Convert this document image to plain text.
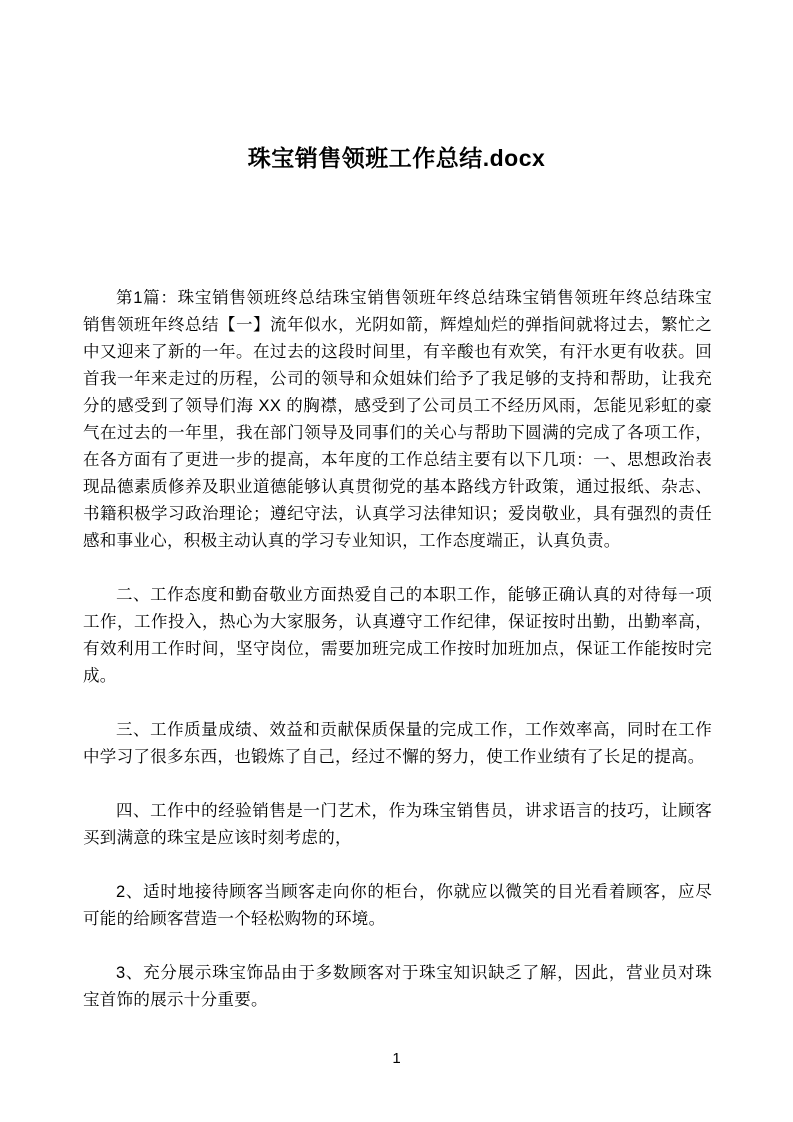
珠宝销售领班工作总结.docx

第1篇：珠宝销售领班终总结珠宝销售领班年终总结珠宝销售领班年终总结珠宝销售领班年终总结【一】流年似水，光阴如箭，辉煌灿烂的弹指间就将过去，繁忙之中又迎来了新的一年。在过去的这段时间里，有辛酸也有欢笑，有汗水更有收获。回首我一年来走过的历程，公司的领导和众姐妹们给予了我足够的支持和帮助，让我充分的感受到了领导们海 XX 的胸襟，感受到了公司员工不经历风雨，怎能见彩虹的豪气在过去的一年里，我在部门领导及同事们的关心与帮助下圆满的完成了各项工作，在各方面有了更进一步的提高，本年度的工作总结主要有以下几项：一、思想政治表现品德素质修养及职业道德能够认真贯彻党的基本路线方针政策，通过报纸、杂志、书籍积极学习政治理论；遵纪守法，认真学习法律知识；爱岗敬业，具有强烈的责任感和事业心，积极主动认真的学习专业知识，工作态度端正，认真负责。

二、工作态度和勤奋敬业方面热爱自己的本职工作，能够正确认真的对待每一项工作，工作投入，热心为大家服务，认真遵守工作纪律，保证按时出勤，出勤率高，有效利用工作时间，坚守岗位，需要加班完成工作按时加班加点，保证工作能按时完成。

三、工作质量成绩、效益和贡献保质保量的完成工作，工作效率高，同时在工作中学习了很多东西，也锻炼了自己，经过不懈的努力，使工作业绩有了长足的提高。

四、工作中的经验销售是一门艺术，作为珠宝销售员，讲求语言的技巧，让顾客买到满意的珠宝是应该时刻考虑的，

2、适时地接待顾客当顾客走向你的柜台，你就应以微笑的目光看着顾客，应尽可能的给顾客营造一个轻松购物的环境。

3、充分展示珠宝饰品由于多数顾客对于珠宝知识缺乏了解，因此，营业员对珠宝首饰的展示十分重要。

1
